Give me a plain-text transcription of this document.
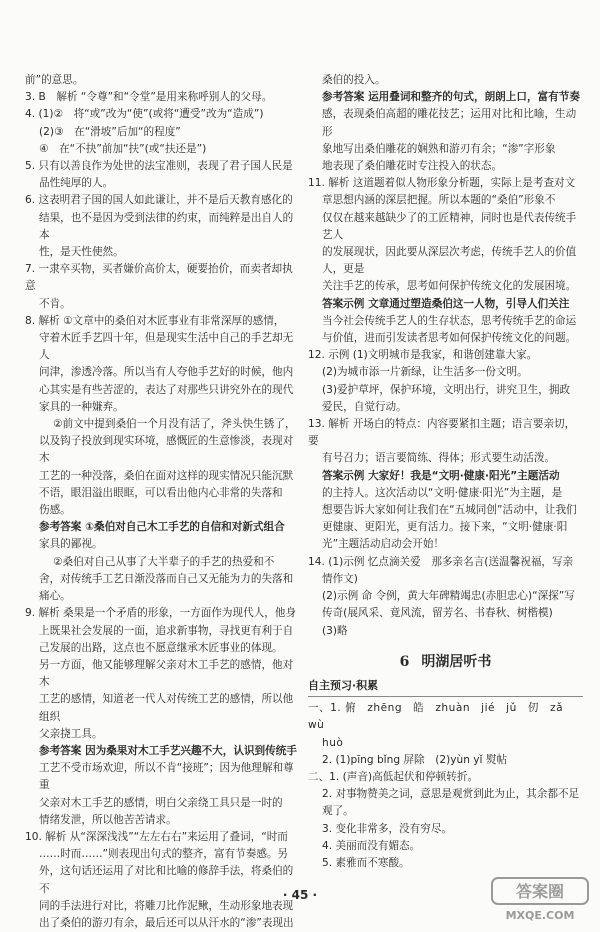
前”的意思。
3. B　解析 “令尊”和“令堂”是用来称呼别人的父母。
4. (1)②　将“或”改为“使”(或将“遭受”改为“造成”)
(2)③　在“滑坡”后加“的程度”
④　在“不抉”前加“扶”(或“扶还是”)
5. 只有以善良作为处世的法宝准则，表现了君子国人民是
品性纯厚的人。
6. 这表明君子国的国人如此谦让，并不是后天教育感化的
结果，也不是因为受到法律的约束，而纯粹是出自人的本
性，是天性使然。
7. 一隶卒买物，买者嫌价高价太，硬要抬价，而卖者却执意
不肯。
8. 解析 ①文章中的桑伯对木匠事业有非常深厚的感情，
守着木匠手艺四十年，但是现实生活中自己的手艺却无人
问津，渗透冷落。所以当有人夸他手艺好的时候，他内
心其实是有些苦涩的，表达了对那些只讲究外在的现代
家具的一种嫌弃。
②前文中提到桑伯一个月没有活了，斧头快生锈了，
以及钩子投放到现实环境，感慨匠的生意惨淡，表现对木
工艺的一种没落，桑伯在面对这样的现实情况只能沉默
不语，眼泪溢出眼眶，可以看出他内心非常的失落和
伤感。
参考答案 ①桑伯对自己木工手艺的自信和对新式组合
家具的鄙视。
②桑伯对自己从事了大半辈子的手艺的热爱和不
舍，对传统手工艺日渐没落而自己又无能为力的失落和
痛心。
9. 解析 桑果是一个矛盾的形象，一方面作为现代人，他身
上既果社会发展的一面，追求新事物，寻找更有利于自
己发展的出路，这点也不愿意继承木匠事业的体现。
另一方面，他又能够理解父亲对木工手艺的感情，他对木
工艺的感情，知道老一代人对传统工艺的感情，所以他组织
父亲挠工具。
参考答案 因为桑果对木工手艺兴趣不大，认识到传统手
工艺不受市场欢迎，所以不肯“接班”；因为他理解和尊重
父亲对木工手艺的感情，明白父亲绕工具只是一时的
情绪发泄，所以他苦苦请求。
10. 解析 从“深深浅浅”“左左右右”来运用了叠词，“时而
……时而……”则表现出句式的整齐，富有节奏感。另
外，这句话还运用了对比和比喻的修辞手法，将桑伯的不
同的手法进行对比，将雕刀比作泥鳅，生动形象地表现
出了桑伯的游刃有余，最后还可以从汗水的“渗”表现出
桑伯的投入。
参考答案 运用叠词和整齐的句式，朗朗上口，富有节奏
感，表现桑伯高超的雕花技艺；运用对比和比喻，生动形
象地写出桑伯雕花的娴熟和游刃有余；“渗”字形象
地表现了桑伯雕花时专注投入的状态。
11. 解析 这道题着似人物形象分析题，实际上是考查对文
章思想内涵的深层把握。所以本题的“桑伯”形象不
仅仅在越来越缺少了的工匠精神，同时也是代表传统手艺人
的发展现状，因此要从深层次考虑，传统手艺人的价值人，更是
关注手艺的传承，思考如何保护传统文化的发展困境。
答案示例 文章通过塑造桑伯这一人物，引导人们关注
当今社会传统手艺人的生存状态，思考传统手艺的命运
与价值，进而引发读者思考如何保护传统文化的问题。
12. 示例 (1)文明城市是我家，和谐创建靠大家。
(2)为城市添一片新绿，让生活多一份文明。
(3)爱护草坪，保护环境，文明出行，讲究卫生，拥政
爱民，自觉行动。
13. 解析 开场白的特点：内容要紧扣主题；语言要亲切，要
有号召力；语言要简练、得体；形式要生动活泼。
答案示例 大家好！我是“文明·健康·阳光”主题活动
的主持人。这次活动以“文明·健康·阳光”为主题，是
想要告诉大家如何让我们在“五城同创”活动中，让我们
更健康、更阳光，更有活力。接下来，“文明·健康·阳
光”主题活动启动会开始！
14. (1)示例 忆点滴关爱　那多亲名言(送温馨祝福，写亲
情作文)
(2)示例 命 令例，黄大年碑精竭忠(赤胆忠心)“深探”写
传奇(展风采、竟风流，留芳名、书春秋、树楷模)
(3)略
6 明湖居听书
自主预习·积累
一、1. 俯　zhēng　皓　zhuàn　jié　jǔ　仞　zǎ　wù
huò
2. (1)pīng bǐng 屏除　(2)yùn yǐ 熨帖
二、1. (声音)高低起伏和停顿转折。
2. 对事物赞美之词，意思是观赏到此为止，其余都不足
观了。
3. 变化非常多，没有穷尽。
4. 美丽而没有媚态。
5. 素雅而不寒酸。
· 45 ·	答案圈
MXQE.COM
